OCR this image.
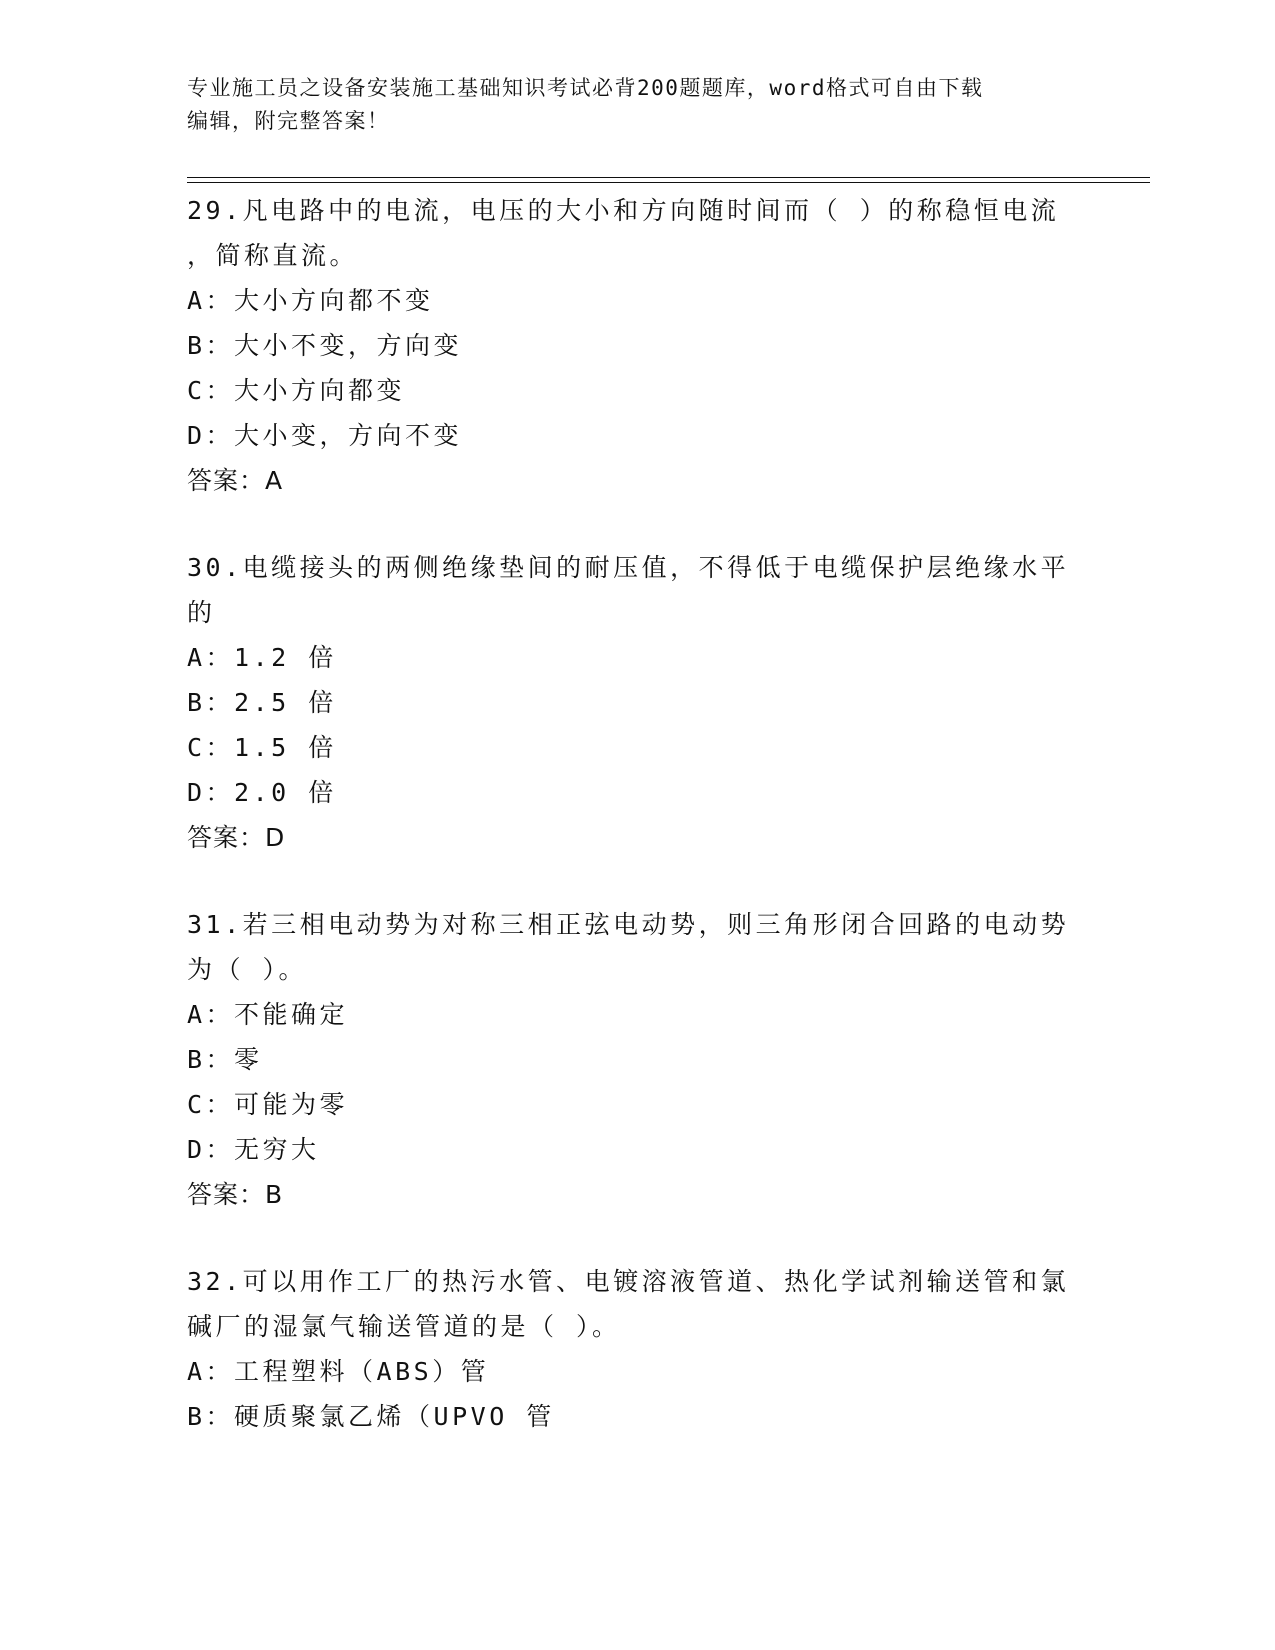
专业施工员之设备安装施工基础知识考试必背200题题库，word格式可自由下载
编辑，附完整答案！
29.凡电路中的电流，电压的大小和方向随时间而（ ）的称稳恒电流
，简称直流。
A：大小方向都不变
B：大小不变，方向变
C：大小方向都变
D：大小变，方向不变
答案：A
30.电缆接头的两侧绝缘垫间的耐压值，不得低于电缆保护层绝缘水平
的
A：1.2 倍
B：2.5 倍
C：1.5 倍
D：2.0 倍
答案：D
31.若三相电动势为对称三相正弦电动势，则三角形闭合回路的电动势
为（ ）。
A：不能确定
B：零
C：可能为零
D：无穷大
答案：B
32.可以用作工厂的热污水管、电镀溶液管道、热化学试剂输送管和氯
碱厂的湿氯气输送管道的是（ ）。
A：工程塑料（ABS）管
B：硬质聚氯乙烯（UPVO 管
